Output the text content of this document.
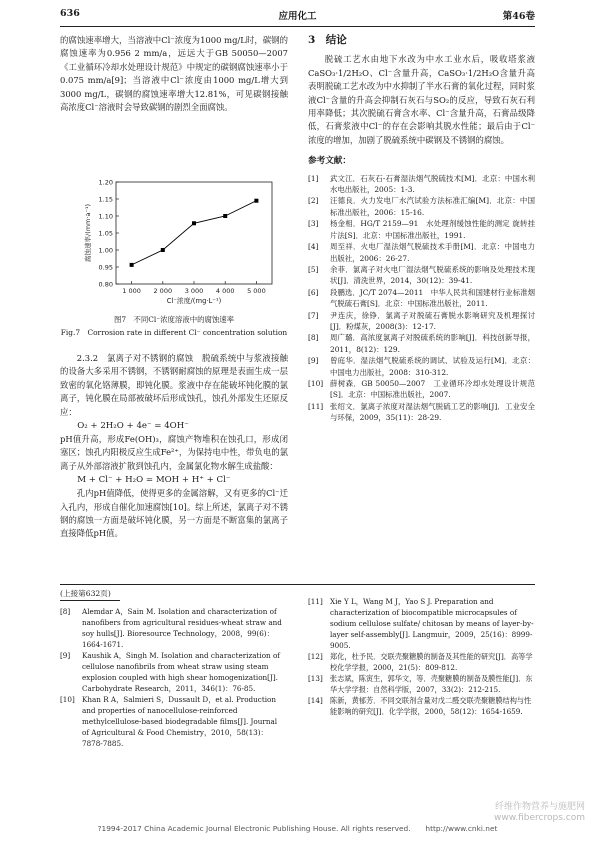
636	应用化工	第46卷

的腐蚀速率增大，当溶液中Cl⁻浓度为1000 mg/L时，碳钢的腐蚀速率为0.956 2 mm/a，远远大于GB 50050—2007《工业循环冷却水处理设计规范》中规定的碳钢腐蚀速率小于0.075 mm/a[9]；当溶液中Cl⁻浓度由1000 mg/L增大到3000 mg/L，碳钢的腐蚀速率增大12.81%，可见碳钢接触高浓度Cl⁻溶液时会导致碳钢的剧烈全面腐蚀。

0.80
0.95
1.00
1.05
1.10
1.15
1.20
1 000 2 000 3 000 4 000 5 000
Cl⁻浓度/(mg·L⁻¹)
腐蚀速率/(mm·a⁻¹)
图7　不同Cl⁻浓度溶液中的腐蚀速率
Fig.7　Corrosion rate in different Cl⁻ concentration solution

2.3.2　氯离子对不锈钢的腐蚀　脱硫系统中与浆液接触的设备大多采用不锈钢，不锈钢耐腐蚀的原理是表面生成一层致密的氧化铬薄膜，即钝化膜。浆液中存在能破坏钝化膜的氯离子，钝化膜在局部被破坏后形成蚀孔，蚀孔外部发生还原反应：

O₂ + 2H₂O + 4e⁻ = 4OH⁻

pH值升高，形成Fe(OH)₃，腐蚀产物堆积在蚀孔口，形成闭塞区；蚀孔内阳极反应生成Fe²⁺，为保持电中性，带负电的氯离子从外部溶液扩散到蚀孔内，金属氯化物水解生成盐酸：

M + Cl⁻ + H₂O = MOH + H⁺ + Cl⁻

孔内pH值降低，使得更多的金属溶解，又有更多的Cl⁻迁入孔内，形成自催化加速腐蚀[10]。综上所述，氯离子对不锈钢的腐蚀一方面是破坏钝化膜，另一方面是不断富集的氯离子直接降低pH值。

3　结论

脱硫工艺水由地下水改为中水工业水后，吸收塔浆液CaSO₃·1/2H₂O、Cl⁻含量升高，CaSO₃·1/2H₂O含量升高表明脱硫工艺水改为中水抑制了半水石膏的氧化过程，同时浆液Cl⁻含量的升高会抑制石灰石与SO₂的反应，导致石灰石利用率降低；其次脱硫石膏含水率、Cl⁻含量升高，石膏品级降低，石膏浆液中Cl⁻的存在会影响其脱水性能；最后由于Cl⁻浓度的增加，加剧了脱硫系统中碳钢及不锈钢的腐蚀。

参考文献：
[1]	武文江．石灰石-石膏湿法烟气脱硫技术[M]．北京：中国水利水电出版社，2005：1-3.
[2]	汪德良．火力发电厂水汽试验方法标准汇编[M]．北京：中国标准出版社，2006：15-16.
[3]	杨金相．HG/T 2159—91　水处理剂缓蚀性能的测定 旋转挂片法[S]．北京：中国标准出版社，1991.
[4]	周至祥．火电厂湿法烟气脱硫技术手册[M]．北京：中国电力出版社，2006：26-27.
[5]	余菲．氯离子对火电厂湿法烟气脱硫系统的影响及处理技术现状[J]．清洗世界，2014，30(12)：39-41.
[6]	段鹏选．JC/T 2074—2011　中华人民共和国建材行业标准烟气脱硫石膏[S]．北京：中国标准出版社，2011.
[7]	尹连庆，徐铮．氯离子对脱硫石膏脱水影响研究及机理探讨[J]．粉煤灰，2008(3)：12-17.
[8]	周广璐．高浓度氯离子对脱硫系统的影响[J]．科技创新导报，2011，8(12)：129.
[9]	曾庭华．湿法烟气脱硫系统的调试、试验及运行[M]．北京：中国电力出版社，2008：310-312.
[10] 薛树森．GB 50050—2007　工业循环冷却水处理设计规范[S]．北京：中国标准出版社，2007.
[11] 张绍文．氯离子浓度对湿法烟气脱硫工艺的影响[J]．工业安全与环保，2009，35(11)：28-29.
(上接第632页)
[8]	Alemdar A，Sain M. Isolation and characterization of nanofibers from agricultural residues-wheat straw and soy hulls[J]. Bioresource Technology，2008，99(6)：1664-1671.
[9]	Kaushik A，Singh M. Isolation and characterization of cellulose nanofibrils from wheat straw using steam explosion coupled with high shear homogenization[J]. Carbohydrate Research，2011，346(1)：76-85.
[10]	Khan R A，Salmieri S，Dussault D，et al. Production and properties of nanocellulose-reinforced methylcellulose-based biodegradable films[J]. Journal of Agricultural & Food Chemistry，2010，58(13)：7878-7885.
[11]	Xie Y L，Wang M J，Yao S J. Preparation and characterization of biocompatible microcapsules of sodium cellulose sulfate/ chitosan by means of layer-by-layer self-assembly[J]. Langmuir，2009，25(16)：8999-9005.
[12]	郑化，杜予民．交联壳聚糖膜的制备及其性能的研究[J]．高等学校化学学报，2000，21(5)：809-812.
[13]	张志斌，陈寅生，郭华文，等．壳聚糖膜的制备及膜性能[J]．东华大学学报：自然科学版，2007，33(2)：212-215.
[14]	陈新，黄郁芳．不同交联剂含量对戊二醛交联壳聚糖膜结构与性能影响的研究[J]．化学学报，2000，58(12)：1654-1659.
?1994-2017 China Academic Journal Electronic Publishing House. All rights reserved.　　http://www.cnki.net
纤维作物营养与施肥网
www.fibercrops.com
